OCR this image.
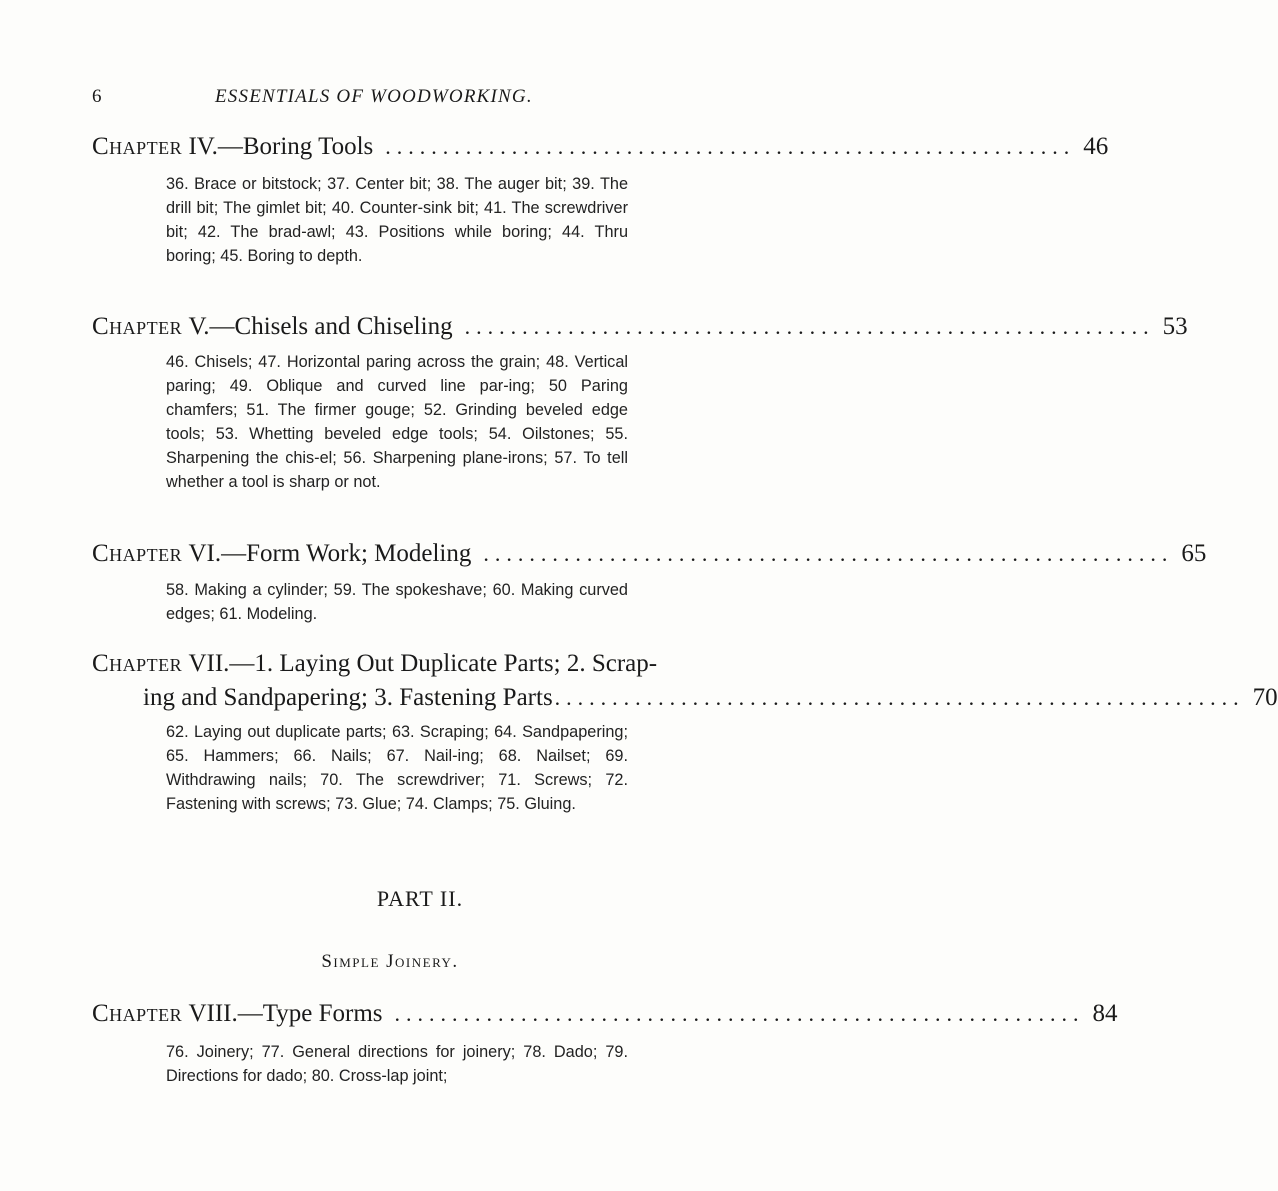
6	ESSENTIALS OF WOODWORKING.
Chapter
IV.—Boring Tools ............................................................ 46
36. Brace or bitstock; 37. Center bit; 38. The auger bit; 39. The drill bit; The gimlet bit; 40. Counter-sink bit; 41. The screwdriver bit; 42. The brad-awl; 43. Positions while boring; 44. Thru boring; 45. Boring to depth.
Chapter
V.—Chisels and Chiseling ............................................................ 53
46. Chisels; 47. Horizontal paring across the grain; 48. Vertical paring; 49. Oblique and curved line par-ing; 50 Paring chamfers; 51. The firmer gouge; 52. Grinding beveled edge tools; 53. Whetting beveled edge tools; 54. Oilstones; 55. Sharpening the chis-el; 56. Sharpening plane-irons; 57. To tell whether a tool is sharp or not.
Chapter
VI.—Form Work; Modeling ............................................................ 65
58. Making a cylinder; 59. The spokeshave; 60. Making curved edges; 61. Modeling.
Chapter
VII.—1. Laying Out Duplicate Parts; 2. Scrap-
ing and Sandpapering; 3. Fastening Parts ............................................................ 70
62. Laying out duplicate parts; 63. Scraping; 64. Sandpapering; 65. Hammers; 66. Nails; 67. Nail-ing; 68. Nailset; 69. Withdrawing nails; 70. The screwdriver; 71. Screws; 72. Fastening with screws; 73. Glue; 74. Clamps; 75. Gluing.
PART II.
Simple Joinery.
Chapter
VIII.—Type Forms ............................................................ 84
76. Joinery; 77. General directions for joinery; 78. Dado; 79. Directions for dado; 80. Cross-lap joint;
